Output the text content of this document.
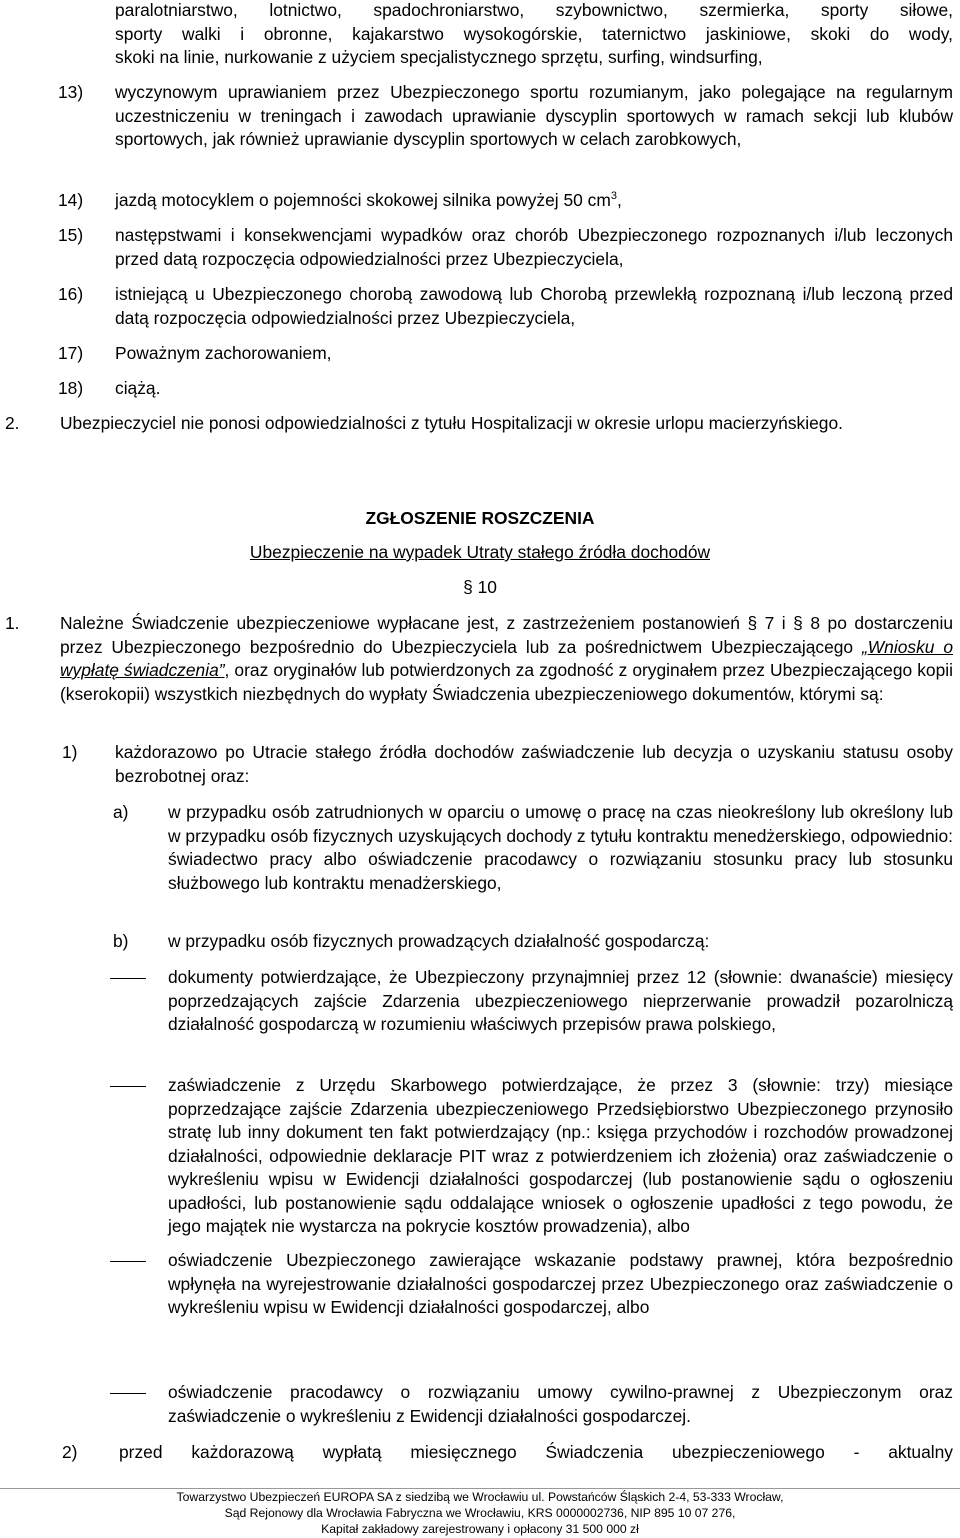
paralotniarstwo, lotnictwo, spadochroniarstwo, szybownictwo, szermierka, sporty siłowe,
sporty walki i obronne, kajakarstwo wysokogórskie, taternictwo jaskiniowe, skoki do wody,
skoki na linie, nurkowanie z użyciem specjalistycznego sprzętu, surfing, windsurfing,
13) wyczynowym uprawianiem przez Ubezpieczonego sportu rozumianym, jako polegające na regularnym uczestniczeniu w treningach i zawodach uprawianie dyscyplin sportowych w ramach sekcji lub klubów sportowych, jak również uprawianie dyscyplin sportowych w celach zarobkowych,
14) jazdą motocyklem o pojemności skokowej silnika powyżej 50 $cm^3$,
15) następstwami i konsekwencjami wypadków oraz chorób Ubezpieczonego rozpoznanych i/lub leczonych przed datą rozpoczęcia odpowiedzialności przez Ubezpieczyciela,
16) istniejącą u Ubezpieczonego chorobą zawodową lub Chorobą przewlekłą rozpoznaną i/lub leczoną przed datą rozpoczęcia odpowiedzialności przez Ubezpieczyciela,
17) Poważnym zachorowaniem,
18) ciążą.
2. Ubezpieczyciel nie ponosi odpowiedzialności z tytułu Hospitalizacji w okresie urlopu macierzyńskiego.
ZGŁOSZENIE ROSZCZENIA
Ubezpieczenie na wypadek Utraty stałego źródła dochodów
§ 10
1. Należne Świadczenie ubezpieczeniowe wypłacane jest, z zastrzeżeniem postanowień § 7 i § 8 po dostarczeniu przez Ubezpieczonego bezpośrednio do Ubezpieczyciela lub za pośrednictwem Ubezpieczającego „Wniosku o wypłatę świadczenia”, oraz oryginałów lub potwierdzonych za zgodność z oryginałem przez Ubezpieczającego kopii (kserokopii) wszystkich niezbędnych do wypłaty Świadczenia ubezpieczeniowego dokumentów, którymi są:
1) każdorazowo po Utracie stałego źródła dochodów zaświadczenie lub decyzja o uzyskaniu statusu osoby bezrobotnej oraz:
a) w przypadku osób zatrudnionych w oparciu o umowę o pracę na czas nieokreślony lub określony lub w przypadku osób fizycznych uzyskujących dochody z tytułu kontraktu menedżerskiego, odpowiednio: świadectwo pracy albo oświadczenie pracodawcy o rozwiązaniu stosunku pracy lub stosunku służbowego lub kontraktu menadżerskiego,
b) w przypadku osób fizycznych prowadzących działalność gospodarczą:
dokumenty potwierdzające, że Ubezpieczony przynajmniej przez 12 (słownie: dwanaście) miesięcy poprzedzających zajście Zdarzenia ubezpieczeniowego nieprzerwanie prowadził pozarolniczą działalność gospodarczą w rozumieniu właściwych przepisów prawa polskiego,
zaświadczenie z Urzędu Skarbowego potwierdzające, że przez 3 (słownie: trzy) miesiące poprzedzające zajście Zdarzenia ubezpieczeniowego Przedsiębiorstwo Ubezpieczonego przynosiło stratę lub inny dokument ten fakt potwierdzający (np.: księga przychodów i rozchodów prowadzonej działalności, odpowiednie deklaracje PIT wraz z potwierdzeniem ich złożenia) oraz zaświadczenie o wykreśleniu wpisu w Ewidencji działalności gospodarczej (lub postanowienie sądu o ogłoszeniu upadłości, lub postanowienie sądu oddalające wniosek o ogłoszenie upadłości z tego powodu, że jego majątek nie wystarcza na pokrycie kosztów prowadzenia), albo
oświadczenie Ubezpieczonego zawierające wskazanie podstawy prawnej, która bezpośrednio wpłynęła na wyrejestrowanie działalności gospodarczej przez Ubezpieczonego oraz zaświadczenie o wykreśleniu wpisu w Ewidencji działalności gospodarczej, albo
oświadczenie pracodawcy o rozwiązaniu umowy cywilno-prawnej z Ubezpieczonym oraz zaświadczenie o wykreśleniu z Ewidencji działalności gospodarczej.
2) przed każdorazową wypłatą miesięcznego Świadczenia ubezpieczeniowego - aktualny
Towarzystwo Ubezpieczeń EUROPA SA z siedzibą we Wrocławiu ul. Powstańców Śląskich 2-4, 53-333 Wrocław,
Sąd Rejonowy dla Wrocławia Fabryczna we Wrocławiu, KRS 0000002736, NIP 895 10 07 276,
Kapitał zakładowy zarejestrowany i opłacony 31 500 000 zł
